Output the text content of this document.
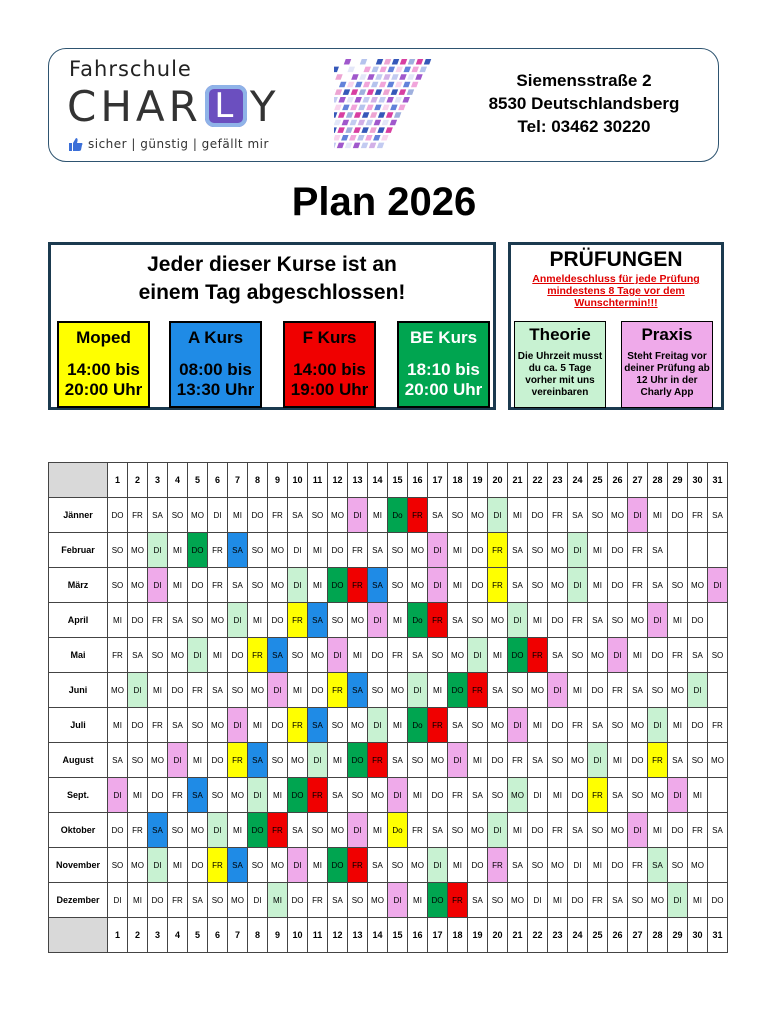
Fahrschule
CHAR L Y
sicher | günstig | gefällt mir
Siemensstraße 2
8530 Deutschlandsberg
Tel: 03462 30220
Plan 2026
Jeder dieser Kurse ist an
einem Tag abgeschlossen!
Moped
14:00 bis
20:00 Uhr
A Kurs
08:00 bis
13:30 Uhr
F Kurs
14:00 bis
19:00 Uhr
BE Kurs
18:10 bis
20:00 Uhr
PRÜFUNGEN
Anmeldeschluss für jede Prüfung
mindestens 8 Tage vor dem
Wunschtermin!!!
Theorie
Die Uhrzeit musst
du ca. 5 Tage
vorher mit uns
vereinbaren
Praxis
Steht Freitag vor
deiner Prüfung ab
12 Uhr in der
Charly App
	1	2	3	4	5	6	7	8	9	10	11	12	13	14	15	16	17	18	19	20	21	22	23	24	25	26	27	28	29	30	31
Jänner	DO	FR	SA	SO	MO	DI	MI	DO	FR	SA	SO	MO	DI	MI	Do	FR	SA	SO	MO	DI	MI	DO	FR	SA	SO	MO	DI	MI	DO	FR	SA
Februar	SO	MO	DI	MI	DO	FR	SA	SO	MO	DI	MI	DO	FR	SA	SO	MO	DI	MI	DO	FR	SA	SO	MO	DI	MI	DO	FR	SA			
März	SO	MO	DI	MI	DO	FR	SA	SO	MO	DI	MI	DO	FR	SA	SO	MO	DI	MI	DO	FR	SA	SO	MO	DI	MI	DO	FR	SA	SO	MO	DI
April	MI	DO	FR	SA	SO	MO	DI	MI	DO	FR	SA	SO	MO	DI	MI	Do	FR	SA	SO	MO	DI	MI	DO	FR	SA	SO	MO	DI	MI	DO	
Mai	FR	SA	SO	MO	DI	MI	DO	FR	SA	SO	MO	DI	MI	DO	FR	SA	SO	MO	DI	MI	DO	FR	SA	SO	MO	DI	MI	DO	FR	SA	SO
Juni	MO	DI	MI	DO	FR	SA	SO	MO	DI	MI	DO	FR	SA	SO	MO	DI	MI	DO	FR	SA	SO	MO	DI	MI	DO	FR	SA	SO	MO	DI	
Juli	MI	DO	FR	SA	SO	MO	DI	MI	DO	FR	SA	SO	MO	DI	MI	Do	FR	SA	SO	MO	DI	MI	DO	FR	SA	SO	MO	DI	MI	DO	FR
August	SA	SO	MO	DI	MI	DO	FR	SA	SO	MO	DI	MI	DO	FR	SA	SO	MO	DI	MI	DO	FR	SA	SO	MO	DI	MI	DO	FR	SA	SO	MO
Sept.	DI	MI	DO	FR	SA	SO	MO	DI	MI	DO	FR	SA	SO	MO	DI	MI	DO	FR	SA	SO	MO	DI	MI	DO	FR	SA	SO	MO	DI	MI	
Oktober	DO	FR	SA	SO	MO	DI	MI	DO	FR	SA	SO	MO	DI	MI	Do	FR	SA	SO	MO	DI	MI	DO	FR	SA	SO	MO	DI	MI	DO	FR	SA
November	SO	MO	DI	MI	DO	FR	SA	SO	MO	DI	MI	DO	FR	SA	SO	MO	DI	MI	DO	FR	SA	SO	MO	DI	MI	DO	FR	SA	SO	MO	
Dezember	DI	MI	DO	FR	SA	SO	MO	DI	MI	DO	FR	SA	SO	MO	DI	MI	DO	FR	SA	SO	MO	DI	MI	DO	FR	SA	SO	MO	DI	MI	DO
	1	2	3	4	5	6	7	8	9	10	11	12	13	14	15	16	17	18	19	20	21	22	23	24	25	26	27	28	29	30	31
